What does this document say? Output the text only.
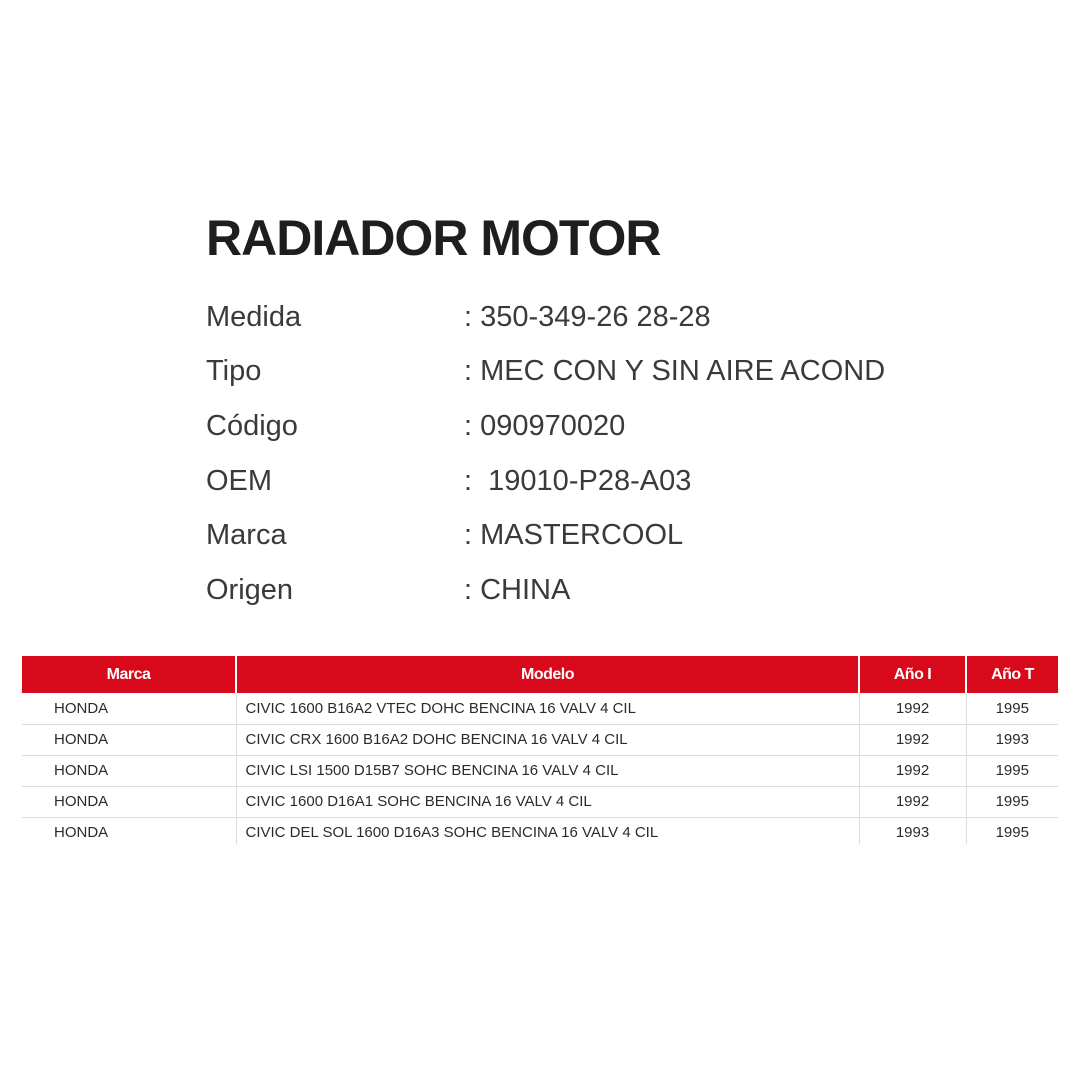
RADIADOR MOTOR
Medida	: 350-349-26 28-28
Tipo	: MEC CON Y SIN AIRE ACOND
Código	: 090970020
OEM	:  19010-P28-A03
Marca	: MASTERCOOL
Origen	: CHINA
Marca	Modelo	Año I	Año T
HONDA	CIVIC 1600 B16A2 VTEC DOHC BENCINA 16 VALV 4 CIL	1992	1995
HONDA	CIVIC CRX 1600 B16A2 DOHC BENCINA 16 VALV 4 CIL	1992	1993
HONDA	CIVIC LSI 1500 D15B7 SOHC BENCINA 16 VALV 4 CIL	1992	1995
HONDA	CIVIC 1600 D16A1 SOHC BENCINA 16 VALV 4 CIL	1992	1995
HONDA	CIVIC DEL SOL 1600 D16A3 SOHC BENCINA 16 VALV 4 CIL	1993	1995
